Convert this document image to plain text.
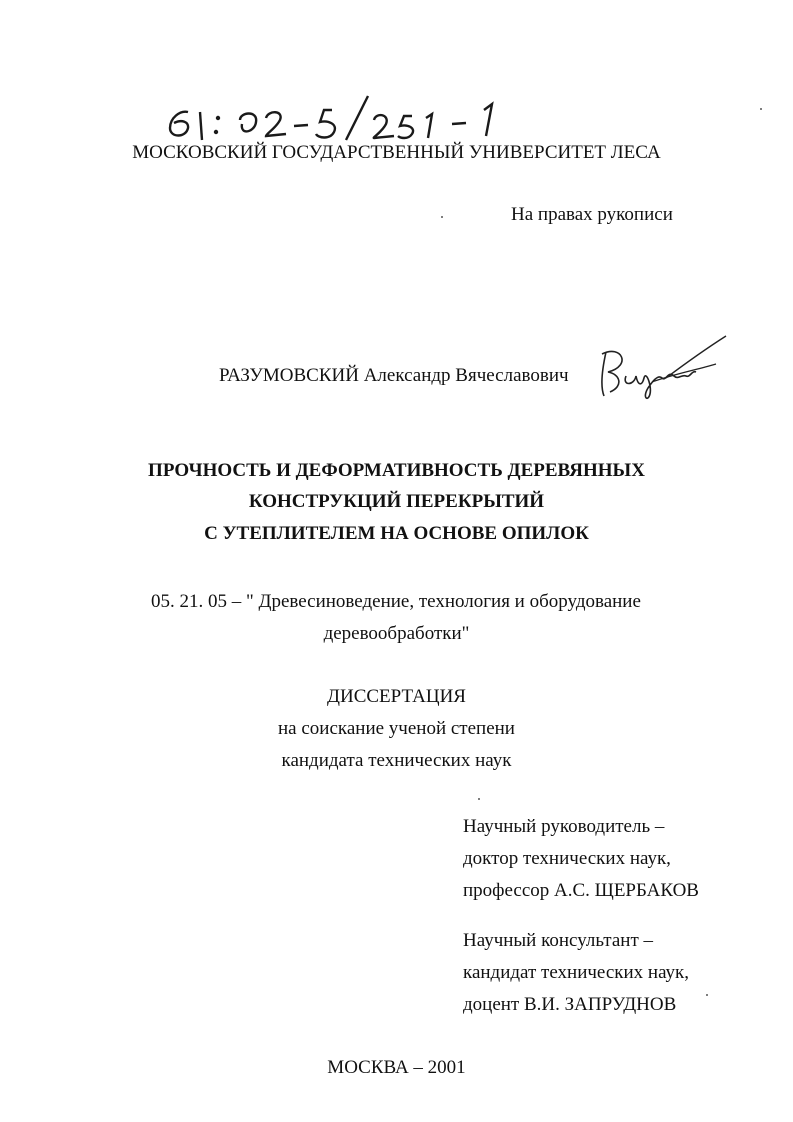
МОСКОВСКИЙ ГОСУДАРСТВЕННЫЙ УНИВЕРСИТЕТ ЛЕСА
На правах рукописи
РАЗУМОВСКИЙ Александр Вячеславович
ПРОЧНОСТЬ И ДЕФОРМАТИВНОСТЬ ДЕРЕВЯННЫХ
КОНСТРУКЦИЙ ПЕРЕКРЫТИЙ
С УТЕПЛИТЕЛЕМ НА ОСНОВЕ ОПИЛОК
05. 21. 05 – " Древесиноведение, технология и оборудование
деревообработки"
ДИССЕРТАЦИЯ
на соискание ученой степени
кандидата технических наук
Научный руководитель –
доктор технических наук,
профессор А.С. ЩЕРБАКОВ
Научный консультант –
кандидат технических наук,
доцент В.И. ЗАПРУДНОВ
МОСКВА – 2001
